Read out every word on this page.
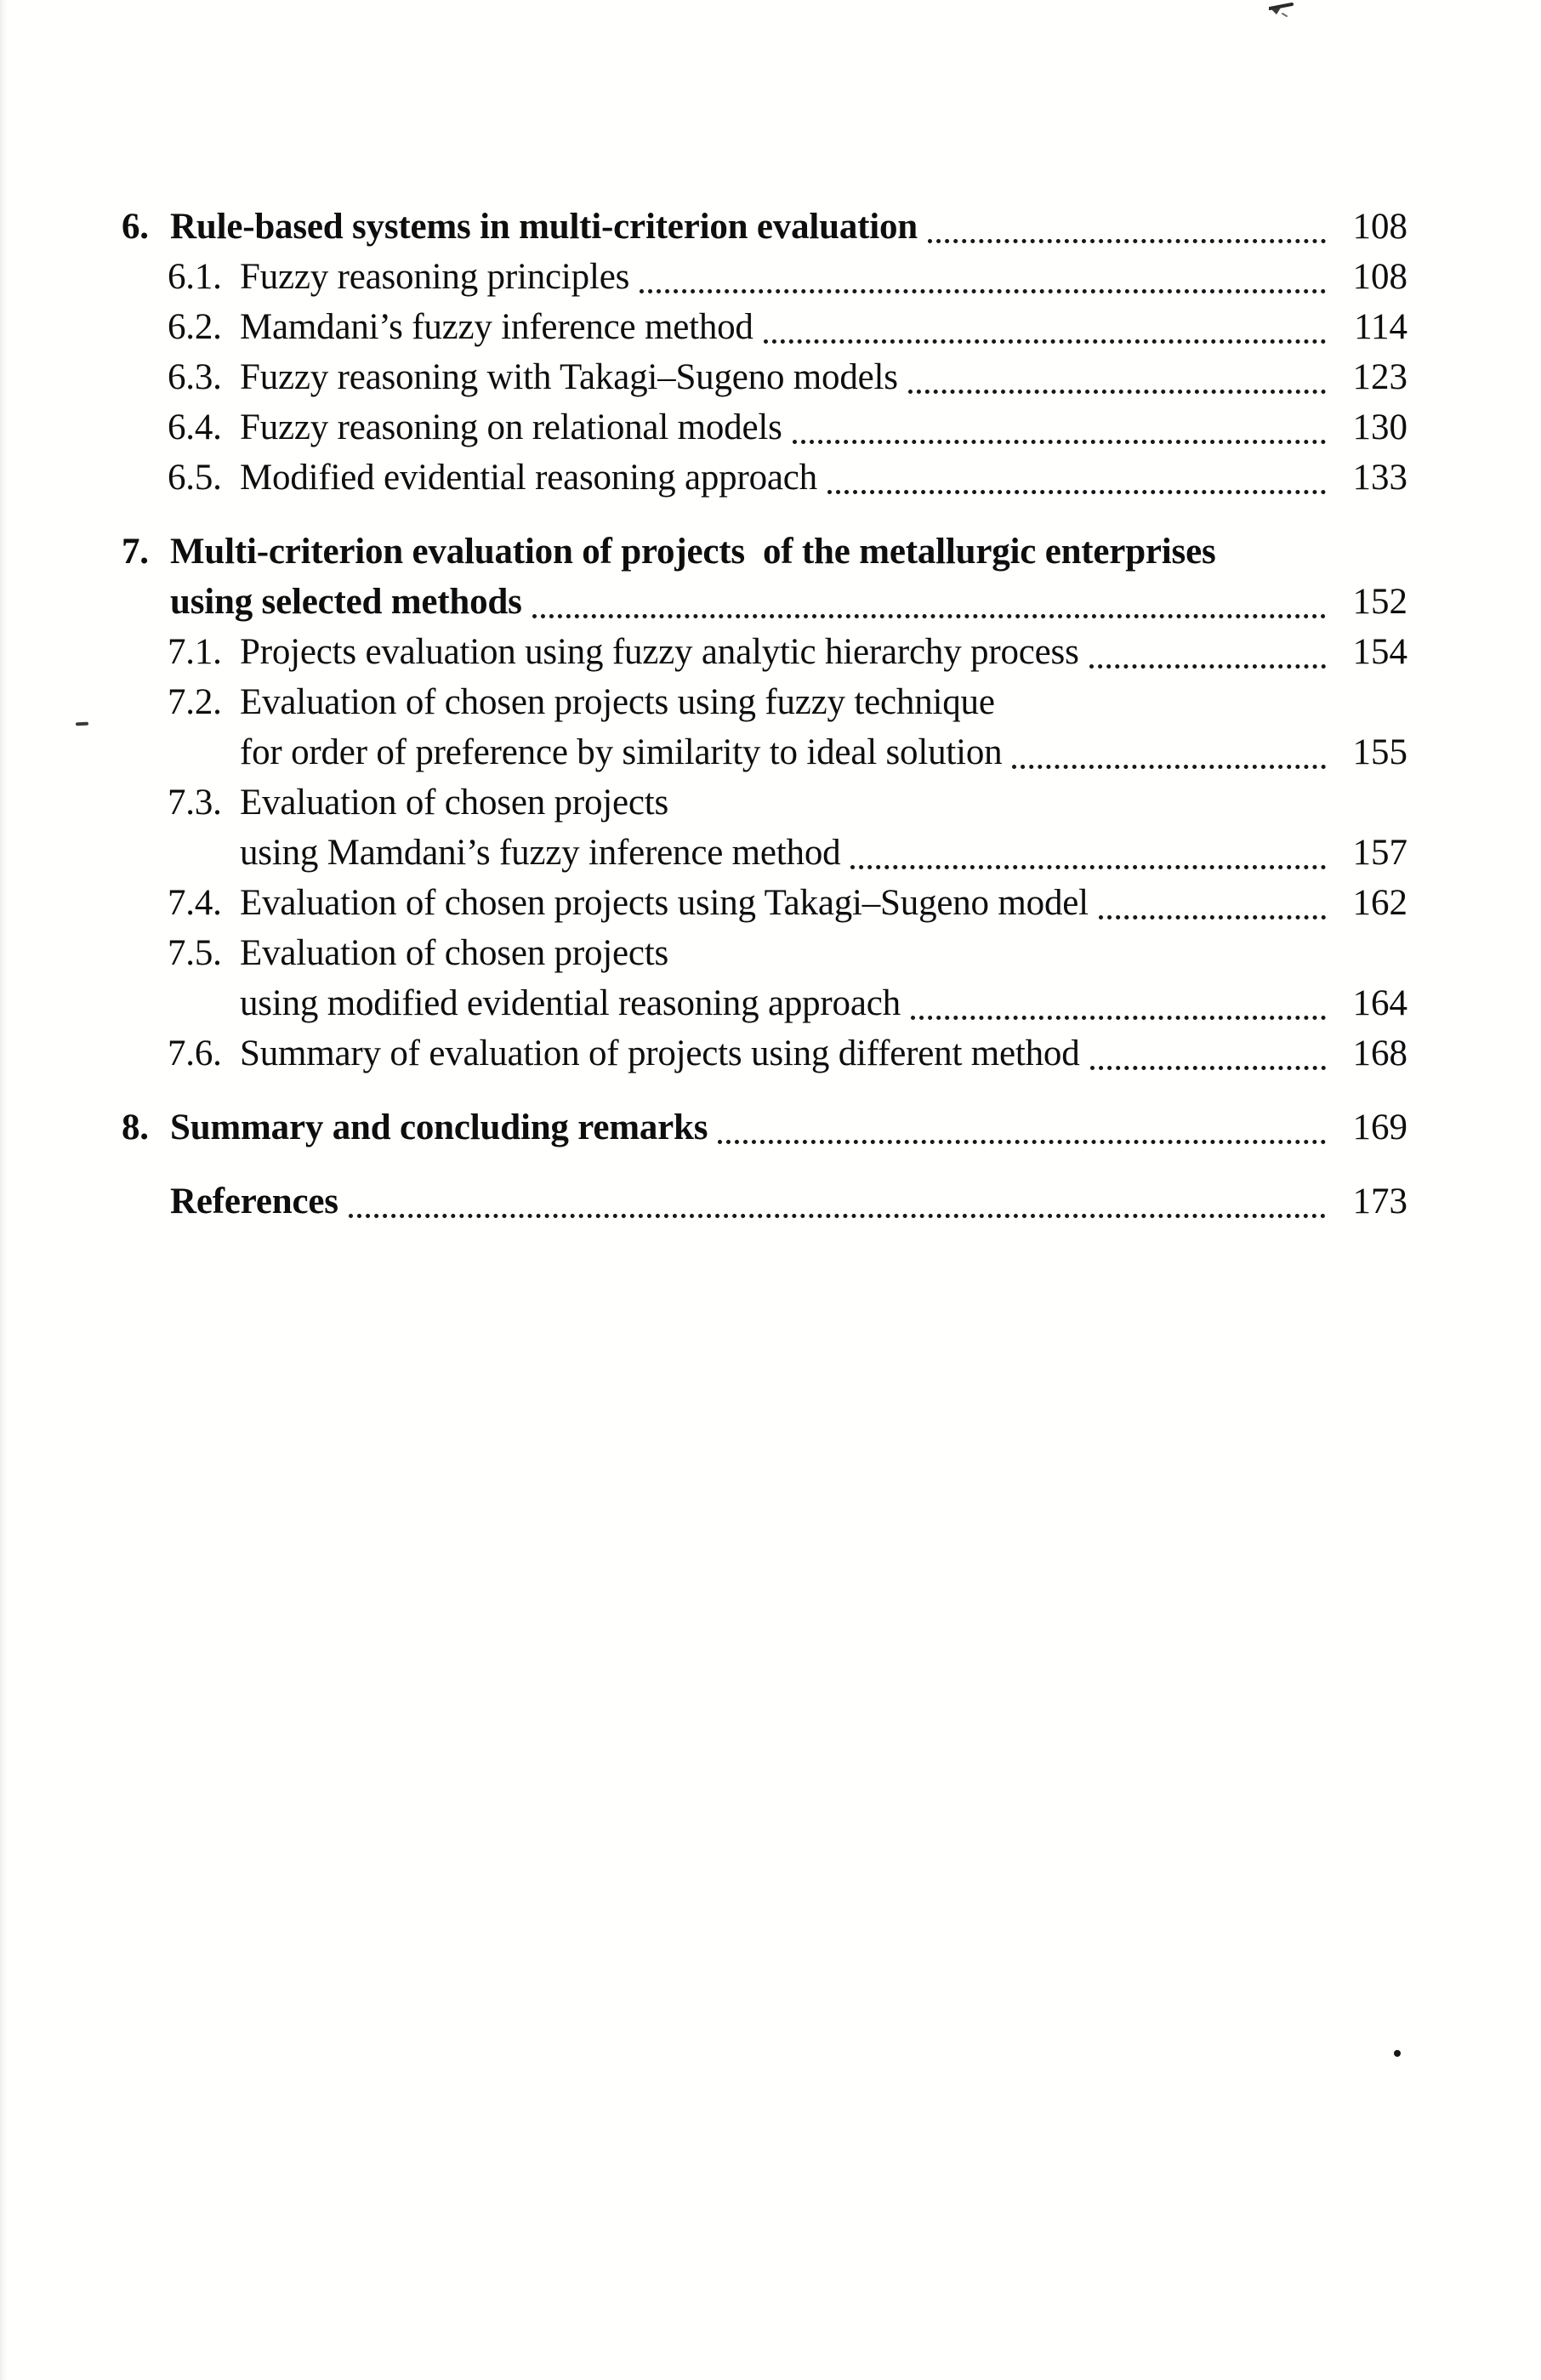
6. Rule-based systems in multi-criterion evaluation	108
6.1. Fuzzy reasoning principles	108
6.2. Mamdani’s fuzzy inference method	114
6.3. Fuzzy reasoning with Takagi–Sugeno models	123
6.4. Fuzzy reasoning on relational models	130
6.5. Modified evidential reasoning approach	133
7. Multi-criterion evaluation of projects  of the metallurgic enterprises
using selected methods	152
7.1. Projects evaluation using fuzzy analytic hierarchy process	154
7.2. Evaluation of chosen projects using fuzzy technique
for order of preference by similarity to ideal solution	155
7.3. Evaluation of chosen projects
using Mamdani’s fuzzy inference method	157
7.4. Evaluation of chosen projects using Takagi–Sugeno model	162
7.5. Evaluation of chosen projects
using modified evidential reasoning approach	164
7.6. Summary of evaluation of projects using different method	168
8. Summary and concluding remarks	169
References	173
